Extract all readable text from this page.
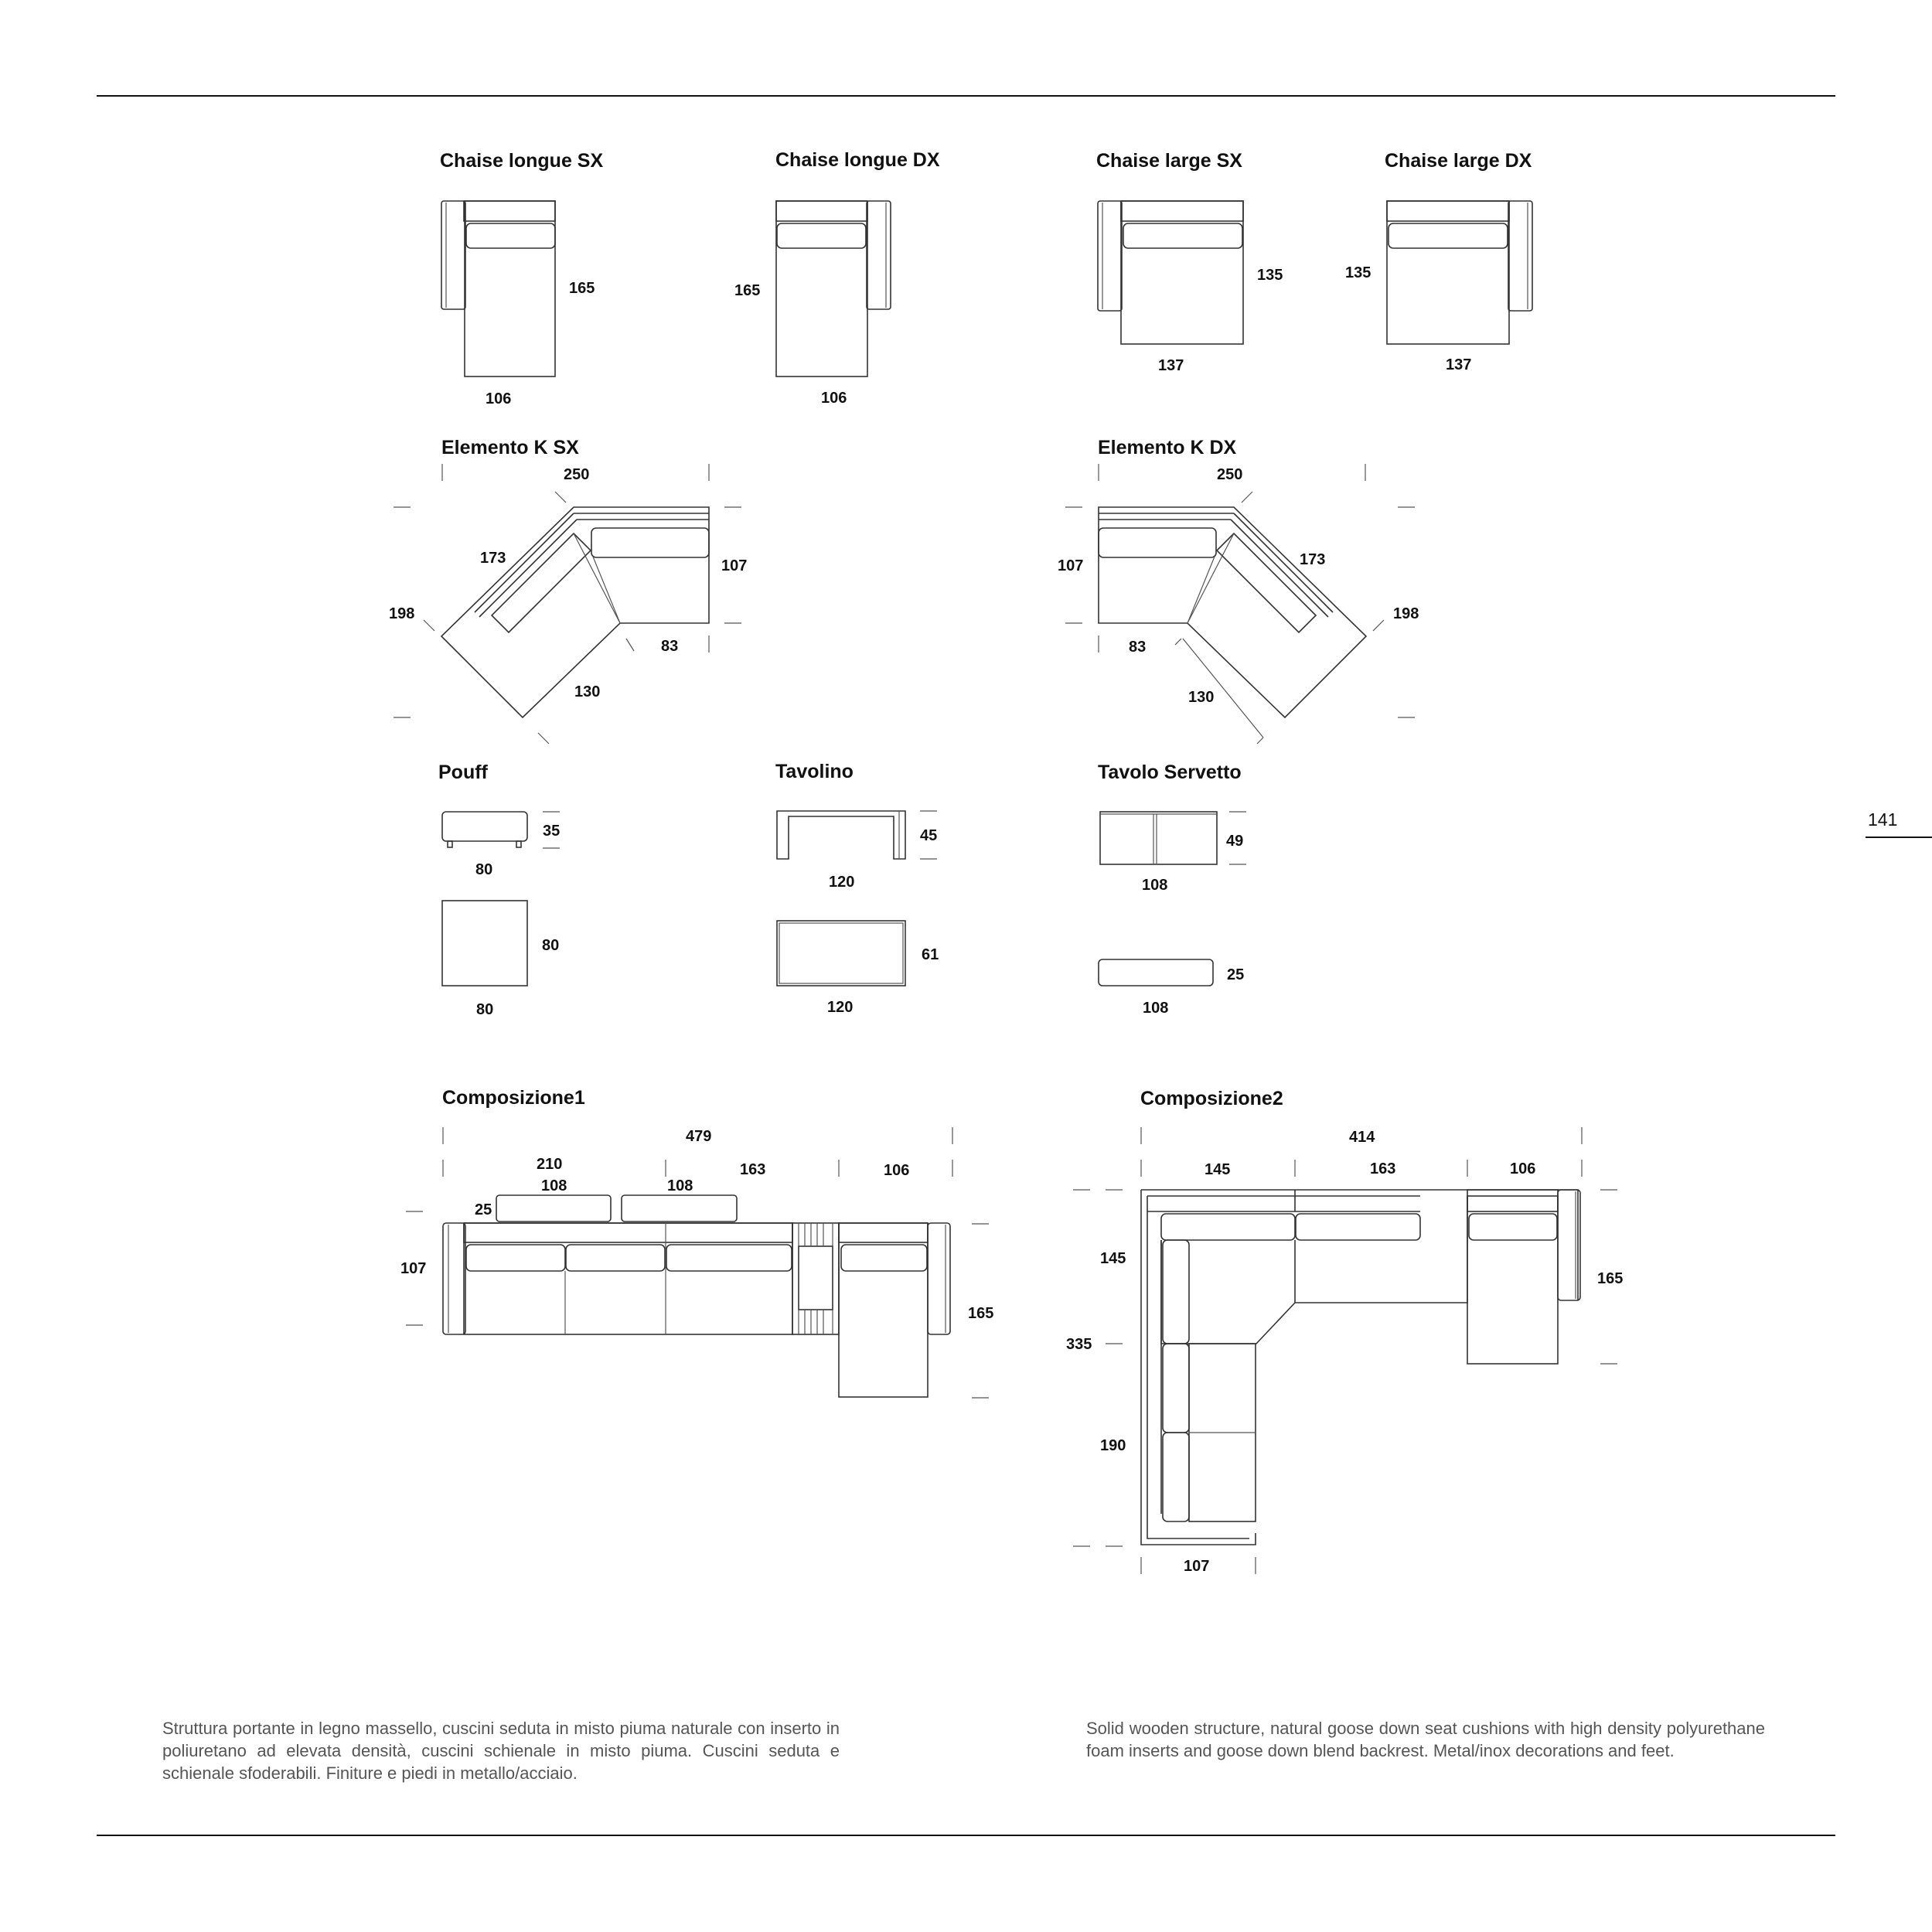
141
Chaise longue SX
165
106
Chaise longue DX
165
106
Chaise large SX
135
137
Chaise large DX
135
137
Elemento K SX
250
173	107
198
83
130
Elemento K DX
250
173
107
198
83
130
Pouff
35
80
80
80
Tavolino
45
120
61
120
Tavolo Servetto
49
108
25
108
Composizione1
479
210	163	106
108	108
25
107
165
Composizione2
414
145	163	106
145
335
190
165
107

Struttura portante in legno massello, cuscini seduta in misto piuma naturale con inserto in poliuretano ad elevata densità, cuscini schienale in misto piuma. Cuscini seduta e schienale sfoderabili. Finiture e piedi in metallo/acciaio.

Solid wooden structure, natural goose down seat cushions with high density polyurethane foam inserts and goose down blend backrest. Metal/inox decorations and feet.
